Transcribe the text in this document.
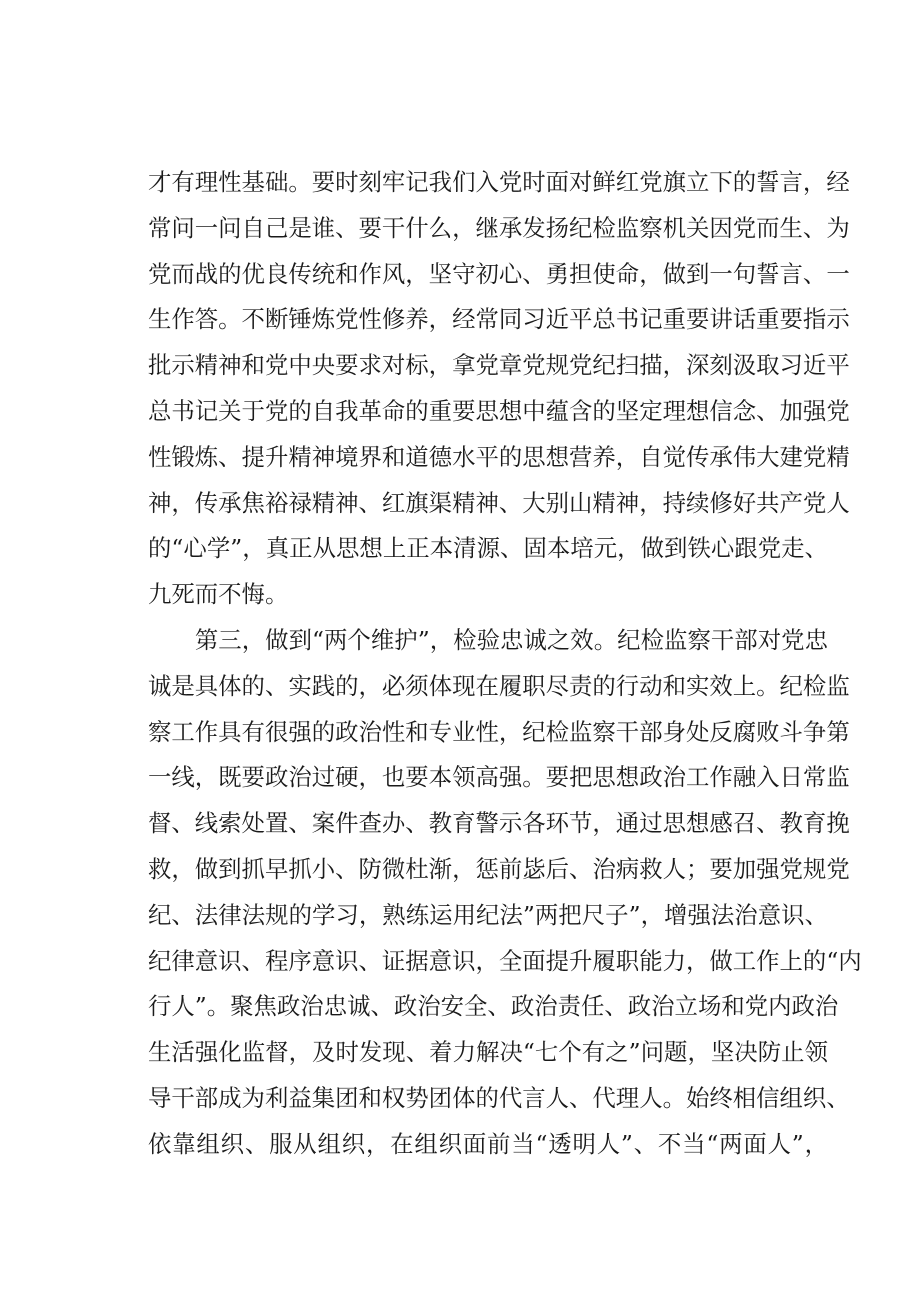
才有理性基础。要时刻牢记我们入党时面对鲜红党旗立下的誓言，经
常问一问自己是谁、要干什么，继承发扬纪检监察机关因党而生、为
党而战的优良传统和作风，坚守初心、勇担使命，做到一句誓言、一
生作答。不断锤炼党性修养，经常同习近平总书记重要讲话重要指示
批示精神和党中央要求对标，拿党章党规党纪扫描，深刻汲取习近平
总书记关于党的自我革命的重要思想中蕴含的坚定理想信念、加强党
性锻炼、提升精神境界和道德水平的思想营养，自觉传承伟大建党精
神，传承焦裕禄精神、红旗渠精神、大别山精神，持续修好共产党人
的“心学”，真正从思想上正本清源、固本培元，做到铁心跟党走、
九死而不悔。
　　第三，做到“两个维护”，检验忠诚之效。纪检监察干部对党忠
诚是具体的、实践的，必须体现在履职尽责的行动和实效上。纪检监
察工作具有很强的政治性和专业性，纪检监察干部身处反腐败斗争第
一线，既要政治过硬，也要本领高强。要把思想政治工作融入日常监
督、线索处置、案件查办、教育警示各环节，通过思想感召、教育挽
救，做到抓早抓小、防微杜渐，惩前毖后、治病救人；要加强党规党
纪、法律法规的学习，熟练运用纪法”两把尺子”，增强法治意识、
纪律意识、程序意识、证据意识，全面提升履职能力，做工作上的“内
行人”。聚焦政治忠诚、政治安全、政治责任、政治立场和党内政治
生活强化监督，及时发现、着力解决“七个有之”问题，坚决防止领
导干部成为利益集团和权势团体的代言人、代理人。始终相信组织、
依靠组织、服从组织，在组织面前当“透明人”、不当“两面人”，
